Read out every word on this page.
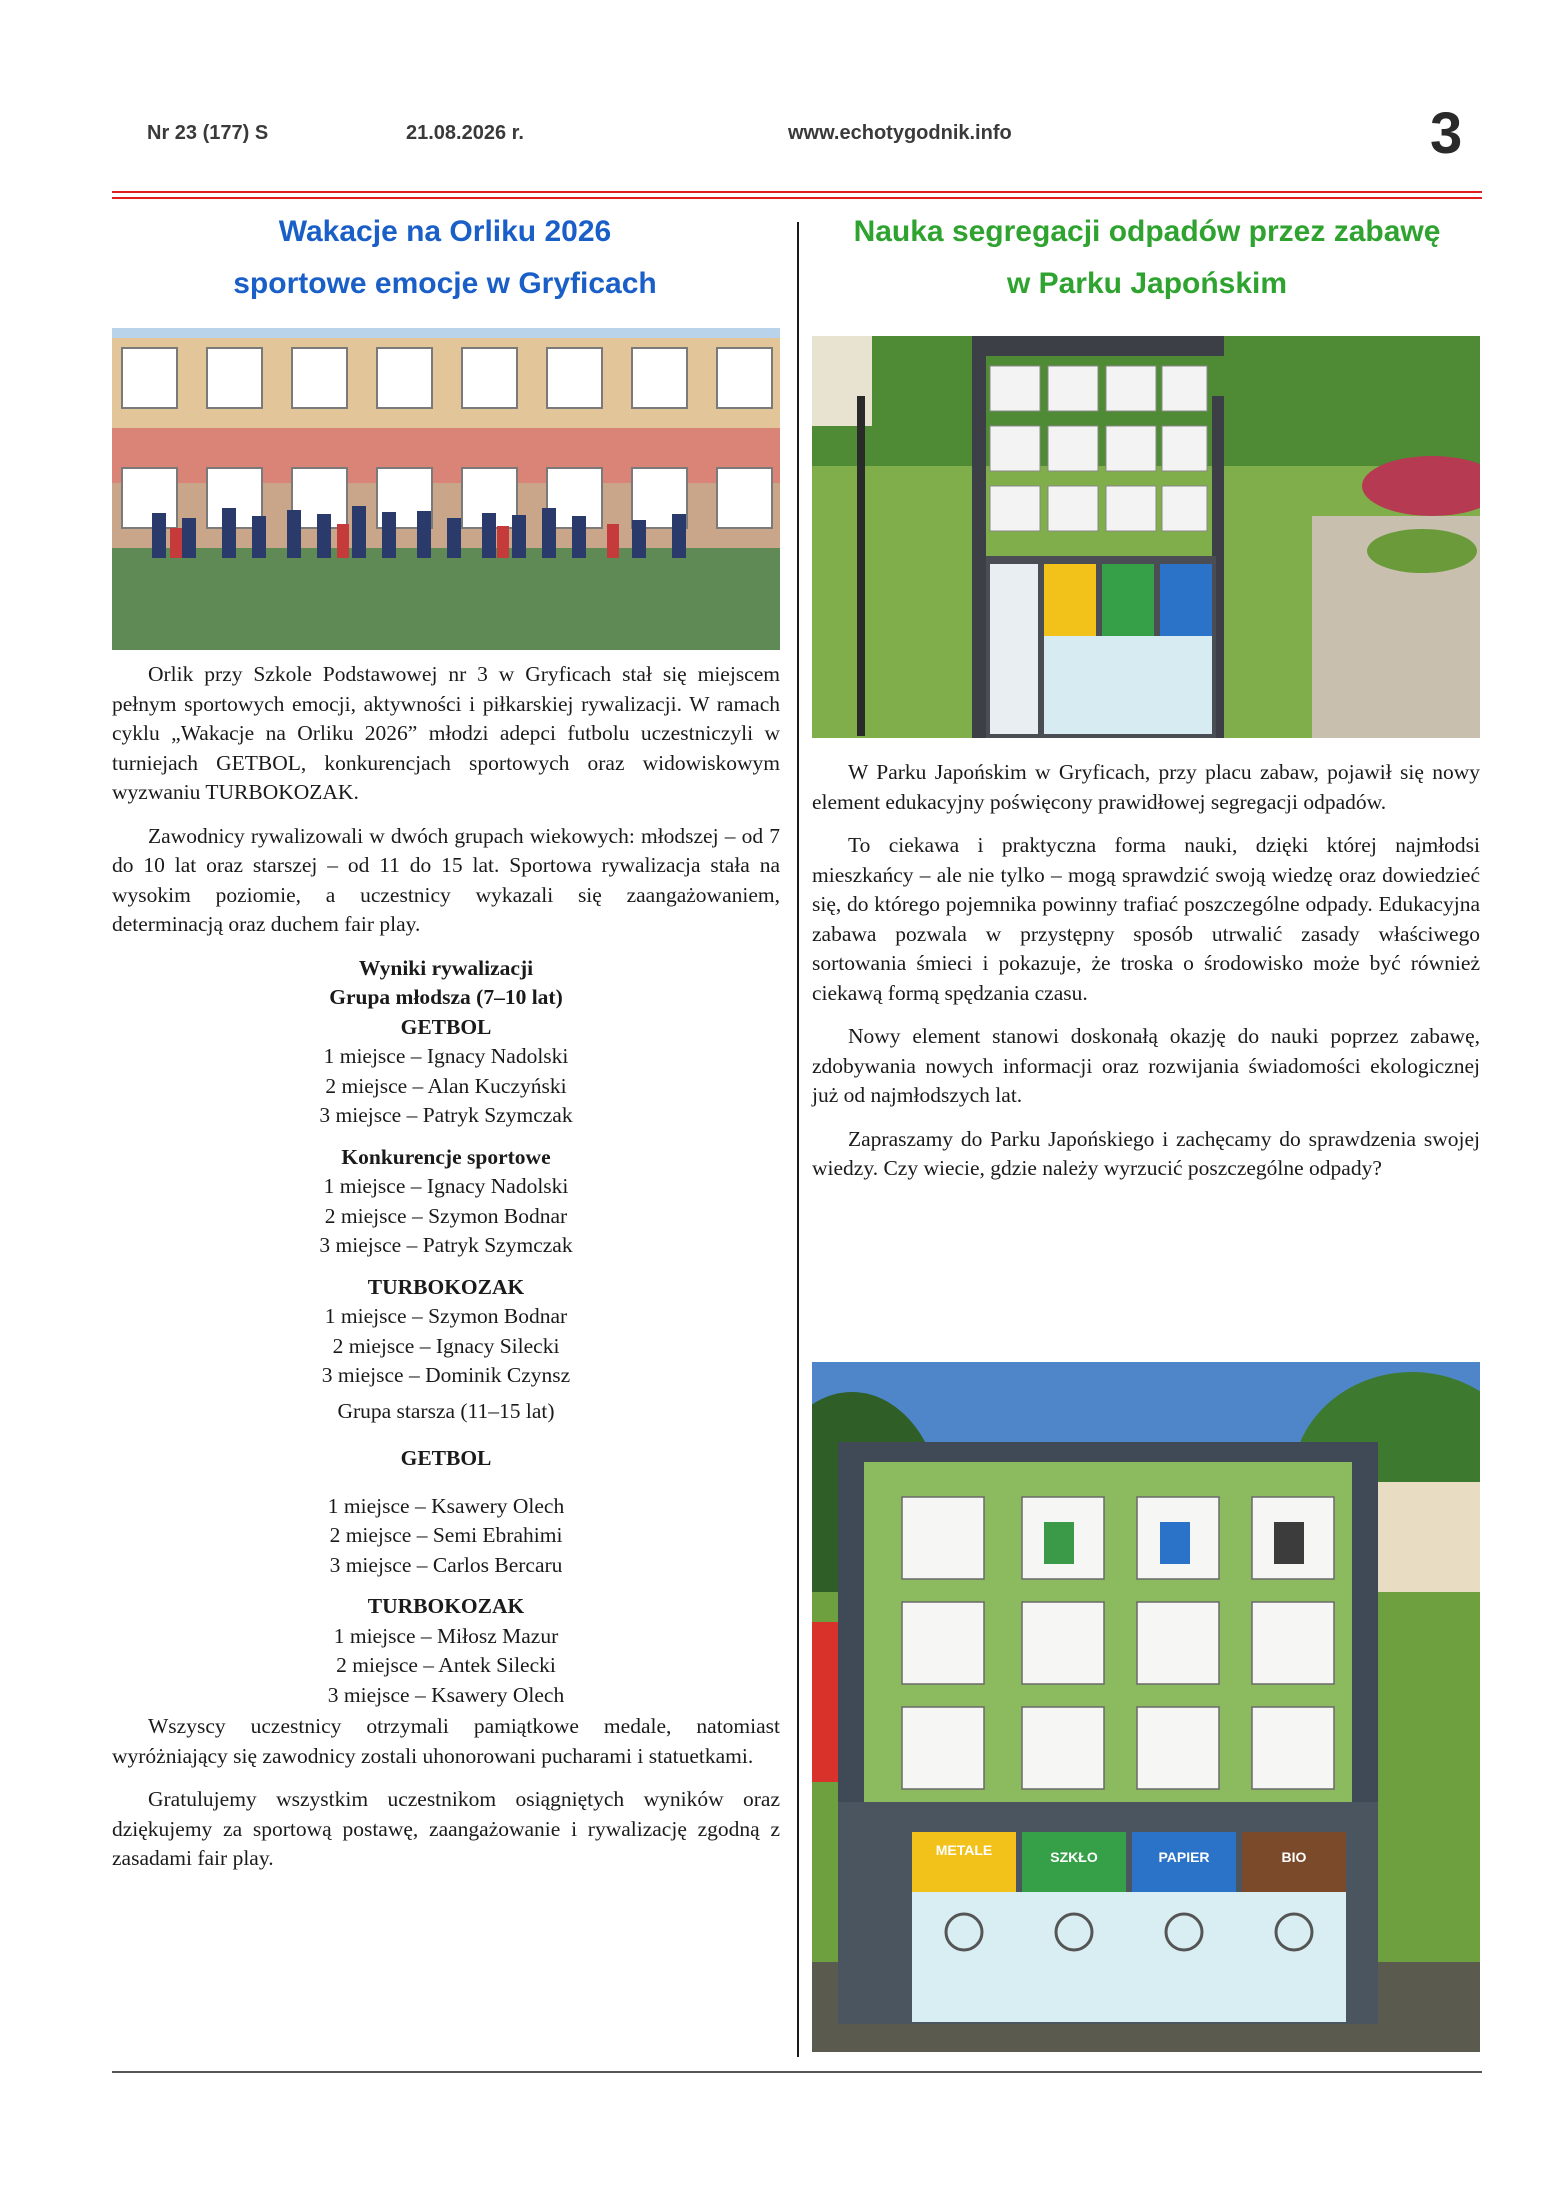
Nr 23 (177) S	21.08.2026 r.	www.echotygodnik.info	3
Wakacje na Orliku 2026
sportowe emocje w Gryficach

Orlik przy Szkole Podstawowej nr 3 w Gryficach stał się miejscem pełnym sportowych emocji, aktywności i piłkarskiej rywalizacji. W ramach cyklu „Wakacje na Orliku 2026” młodzi adepci futbolu uczestniczyli w turniejach GETBOL, konkurencjach sportowych oraz widowiskowym wyzwaniu TURBOKOZAK.

Zawodnicy rywalizowali w dwóch grupach wiekowych: młodszej – od 7 do 10 lat oraz starszej – od 11 do 15 lat. Sportowa rywalizacja stała na wysokim poziomie, a uczestnicy wykazali się zaangażowaniem, determinacją oraz duchem fair play.

Wyniki rywalizacji
Grupa młodsza (7–10 lat)
GETBOL
1 miejsce – Ignacy Nadolski
2 miejsce – Alan Kuczyński
3 miejsce – Patryk Szymczak
Konkurencje sportowe
1 miejsce – Ignacy Nadolski
2 miejsce – Szymon Bodnar
3 miejsce – Patryk Szymczak
TURBOKOZAK
1 miejsce – Szymon Bodnar
2 miejsce – Ignacy Silecki
3 miejsce – Dominik Czynsz
Grupa starsza (11–15 lat)
GETBOL
1 miejsce – Ksawery Olech
2 miejsce – Semi Ebrahimi
3 miejsce – Carlos Bercaru
TURBOKOZAK
1 miejsce – Miłosz Mazur
2 miejsce – Antek Silecki
3 miejsce – Ksawery Olech

Wszyscy uczestnicy otrzymali pamiątkowe medale, natomiast wyróżniający się zawodnicy zostali uhonorowani pucharami i statuetkami.

Gratulujemy wszystkim uczestnikom osiągniętych wyników oraz dziękujemy za sportową postawę, zaangażowanie i rywalizację zgodną z zasadami fair play.

Nauka segregacji odpadów przez zabawę
w Parku Japońskim

W Parku Japońskim w Gryficach, przy placu zabaw, pojawił się nowy element edukacyjny poświęcony prawidłowej segregacji odpadów.

To ciekawa i praktyczna forma nauki, dzięki której najmłodsi mieszkańcy – ale nie tylko – mogą sprawdzić swoją wiedzę oraz dowiedzieć się, do którego pojemnika powinny trafiać poszczególne odpady. Edukacyjna zabawa pozwala w przystępny sposób utrwalić zasady właściwego sortowania śmieci i pokazuje, że troska o środowisko może być również ciekawą formą spędzania czasu.

Nowy element stanowi doskonałą okazję do nauki poprzez zabawę, zdobywania nowych informacji oraz rozwijania świadomości ekologicznej już od najmłodszych lat.

Zapraszamy do Parku Japońskiego i zachęcamy do sprawdzenia swojej wiedzy. Czy wiecie, gdzie należy wyrzucić poszczególne odpady?

METALE	SZKŁO	PAPIER	BIO
